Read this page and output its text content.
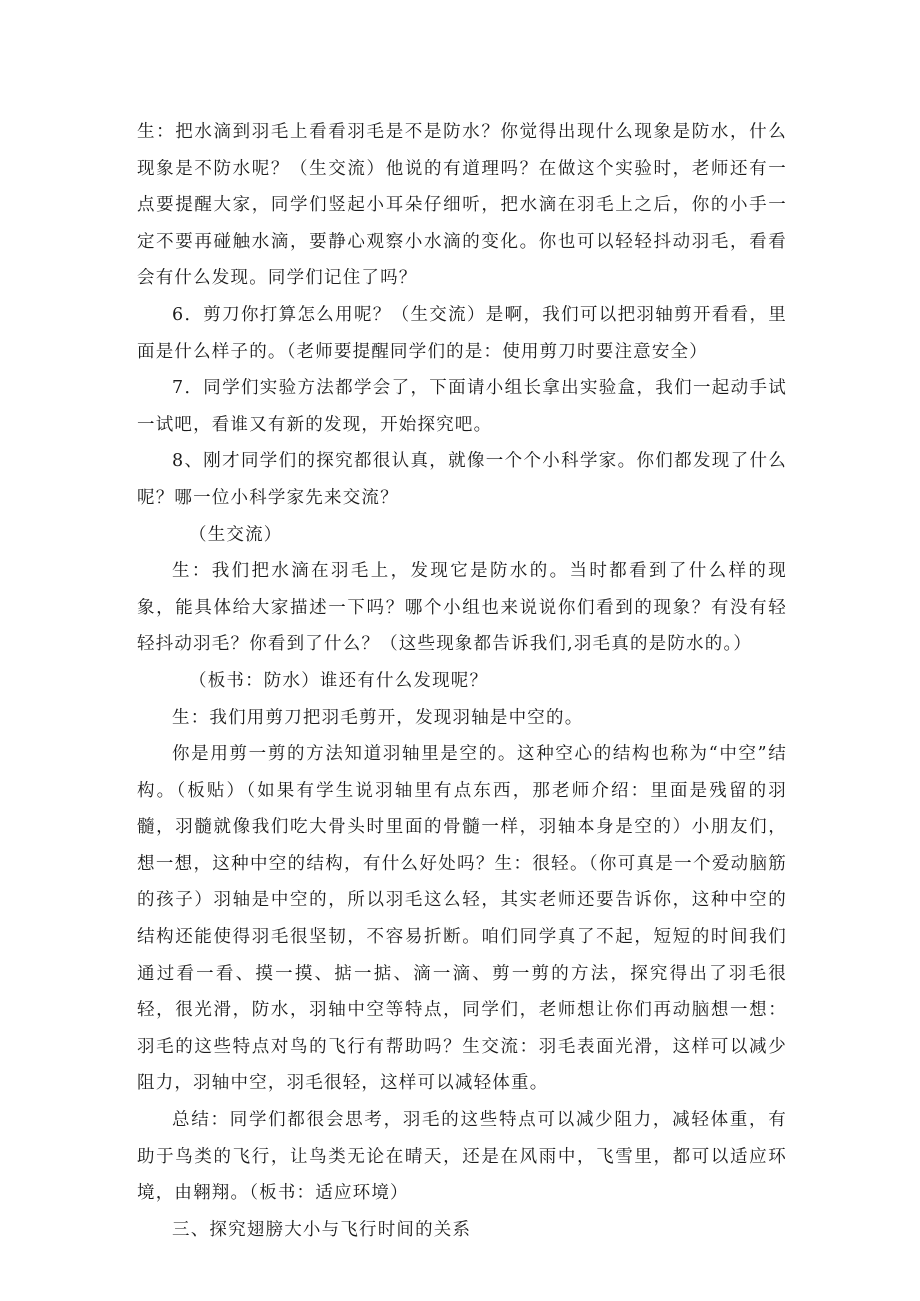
生：把水滴到羽毛上看看羽毛是不是防水？你觉得出现什么现象是防水，什么现象是不防水呢？（生交流）他说的有道理吗？在做这个实验时，老师还有一点要提醒大家，同学们竖起小耳朵仔细听，把水滴在羽毛上之后，你的小手一定不要再碰触水滴，要静心观察小水滴的变化。你也可以轻轻抖动羽毛，看看会有什么发现。同学们记住了吗？

6．剪刀你打算怎么用呢？（生交流）是啊，我们可以把羽轴剪开看看，里面是什么样子的。（老师要提醒同学们的是：使用剪刀时要注意安全）

7．同学们实验方法都学会了，下面请小组长拿出实验盒，我们一起动手试一试吧，看谁又有新的发现，开始探究吧。

8、刚才同学们的探究都很认真，就像一个个小科学家。你们都发现了什么呢？哪一位小科学家先来交流？

（生交流）

生：我们把水滴在羽毛上，发现它是防水的。当时都看到了什么样的现象，能具体给大家描述一下吗？哪个小组也来说说你们看到的现象？有没有轻轻抖动羽毛？你看到了什么？（这些现象都告诉我们,羽毛真的是防水的。）

（板书：防水）谁还有什么发现呢？

生：我们用剪刀把羽毛剪开，发现羽轴是中空的。

你是用剪一剪的方法知道羽轴里是空的。这种空心的结构也称为“中空”结构。（板贴）（如果有学生说羽轴里有点东西，那老师介绍：里面是残留的羽髓，羽髓就像我们吃大骨头时里面的骨髓一样，羽轴本身是空的）小朋友们，想一想，这种中空的结构，有什么好处吗？生：很轻。（你可真是一个爱动脑筋的孩子）羽轴是中空的，所以羽毛这么轻，其实老师还要告诉你，这种中空的结构还能使得羽毛很坚韧，不容易折断。咱们同学真了不起，短短的时间我们通过看一看、摸一摸、掂一掂、滴一滴、剪一剪的方法，探究得出了羽毛很轻，很光滑，防水，羽轴中空等特点，同学们，老师想让你们再动脑想一想：羽毛的这些特点对鸟的飞行有帮助吗？生交流：羽毛表面光滑，这样可以减少阻力，羽轴中空，羽毛很轻，这样可以减轻体重。

总结：同学们都很会思考，羽毛的这些特点可以减少阻力，减轻体重，有助于鸟类的飞行，让鸟类无论在晴天，还是在风雨中，飞雪里，都可以适应环境，由翱翔。（板书：适应环境）

三、探究翅膀大小与飞行时间的关系
